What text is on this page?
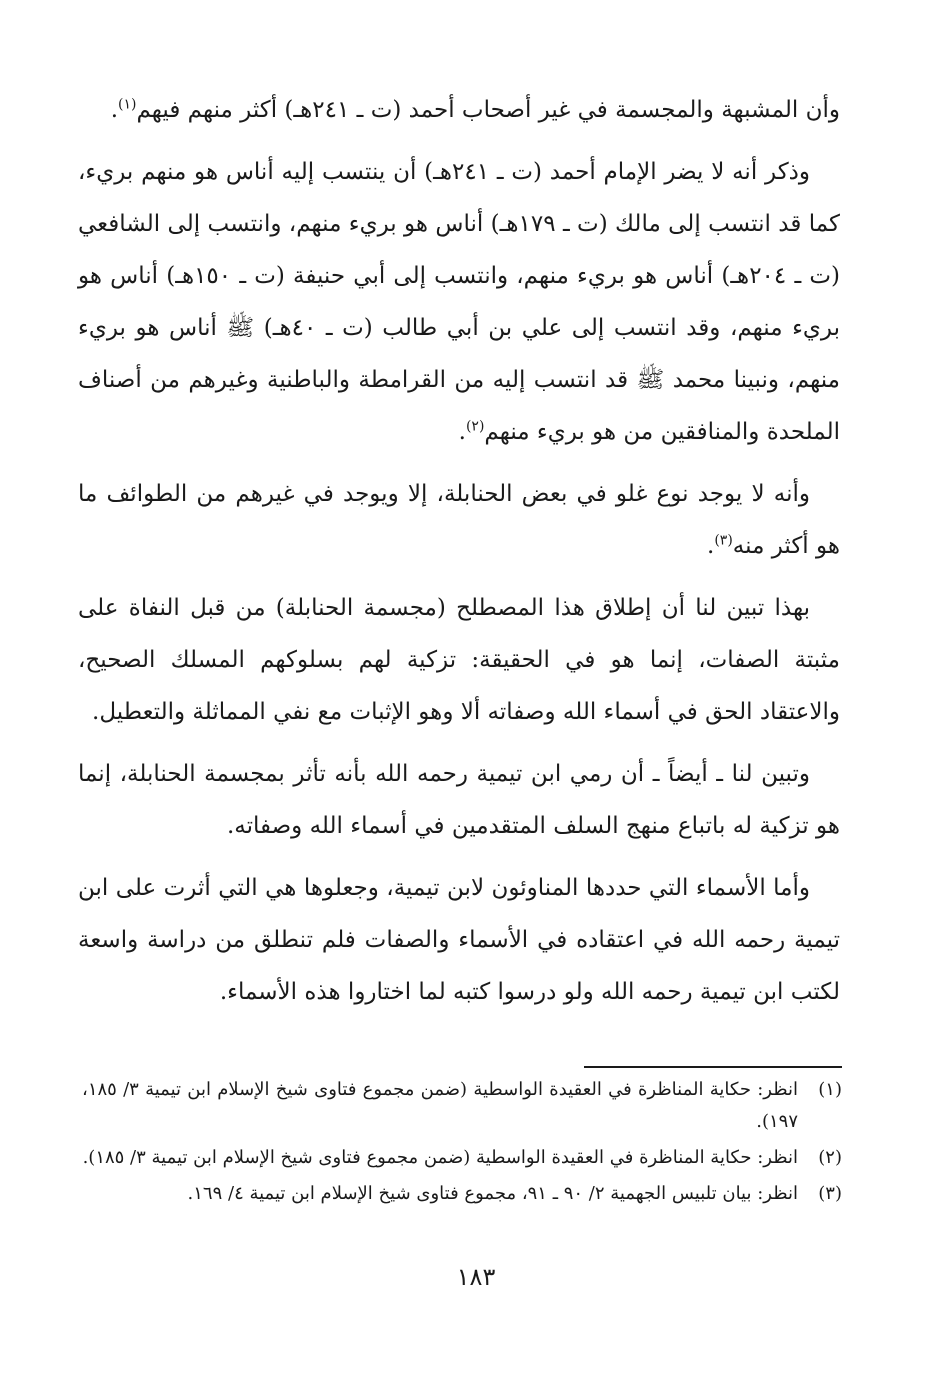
وأن المشبهة والمجسمة في غير أصحاب أحمد (ت ـ ٢٤١هـ) أكثر منهم فيهم$^{(١)}$.

وذكر أنه لا يضر الإمام أحمد (ت ـ ٢٤١هـ) أن ينتسب إليه أناس هو منهم بريء، كما قد انتسب إلى مالك (ت ـ ١٧٩هـ) أناس هو بريء منهم، وانتسب إلى الشافعي (ت ـ ٢٠٤هـ) أناس هو بريء منهم، وانتسب إلى أبي حنيفة (ت ـ ١٥٠هـ) أناس هو بريء منهم، وقد انتسب إلى علي بن أبي طالب (ت ـ ٤٠هـ) ﷺ أناس هو بريء منهم، ونبينا محمد ﷺ قد انتسب إليه من القرامطة والباطنية وغيرهم من أصناف الملحدة والمنافقين من هو بريء منهم$^{(٢)}$.

وأنه لا يوجد نوع غلو في بعض الحنابلة، إلا ويوجد في غيرهم من الطوائف ما هو أكثر منه$^{(٣)}$.

بهذا تبين لنا أن إطلاق هذا المصطلح (مجسمة الحنابلة) من قبل النفاة على مثبتة الصفات، إنما هو في الحقيقة: تزكية لهم بسلوكهم المسلك الصحيح، والاعتقاد الحق في أسماء الله وصفاته ألا وهو الإثبات مع نفي المماثلة والتعطيل.

وتبين لنا ـ أيضاً ـ أن رمي ابن تيمية رحمه الله بأنه تأثر بمجسمة الحنابلة، إنما هو تزكية له باتباع منهج السلف المتقدمين في أسماء الله وصفاته.

وأما الأسماء التي حددها المناوئون لابن تيمية، وجعلوها هي التي أثرت على ابن تيمية رحمه الله في اعتقاده في الأسماء والصفات فلم تنطلق من دراسة واسعة لكتب ابن تيمية رحمه الله ولو درسوا كتبه لما اختاروا هذه الأسماء.

(١)
انظر: حكاية المناظرة في العقيدة الواسطية (ضمن مجموع فتاوى شيخ الإسلام ابن تيمية ٣/ ١٨٥، ١٩٧).
(٢)
انظر: حكاية المناظرة في العقيدة الواسطية (ضمن مجموع فتاوى شيخ الإسلام ابن تيمية ٣/ ١٨٥).
(٣)
انظر: بيان تلبيس الجهمية ٢/ ٩٠ ـ ٩١، مجموع فتاوى شيخ الإسلام ابن تيمية ٤/ ١٦٩.
١٨٣
